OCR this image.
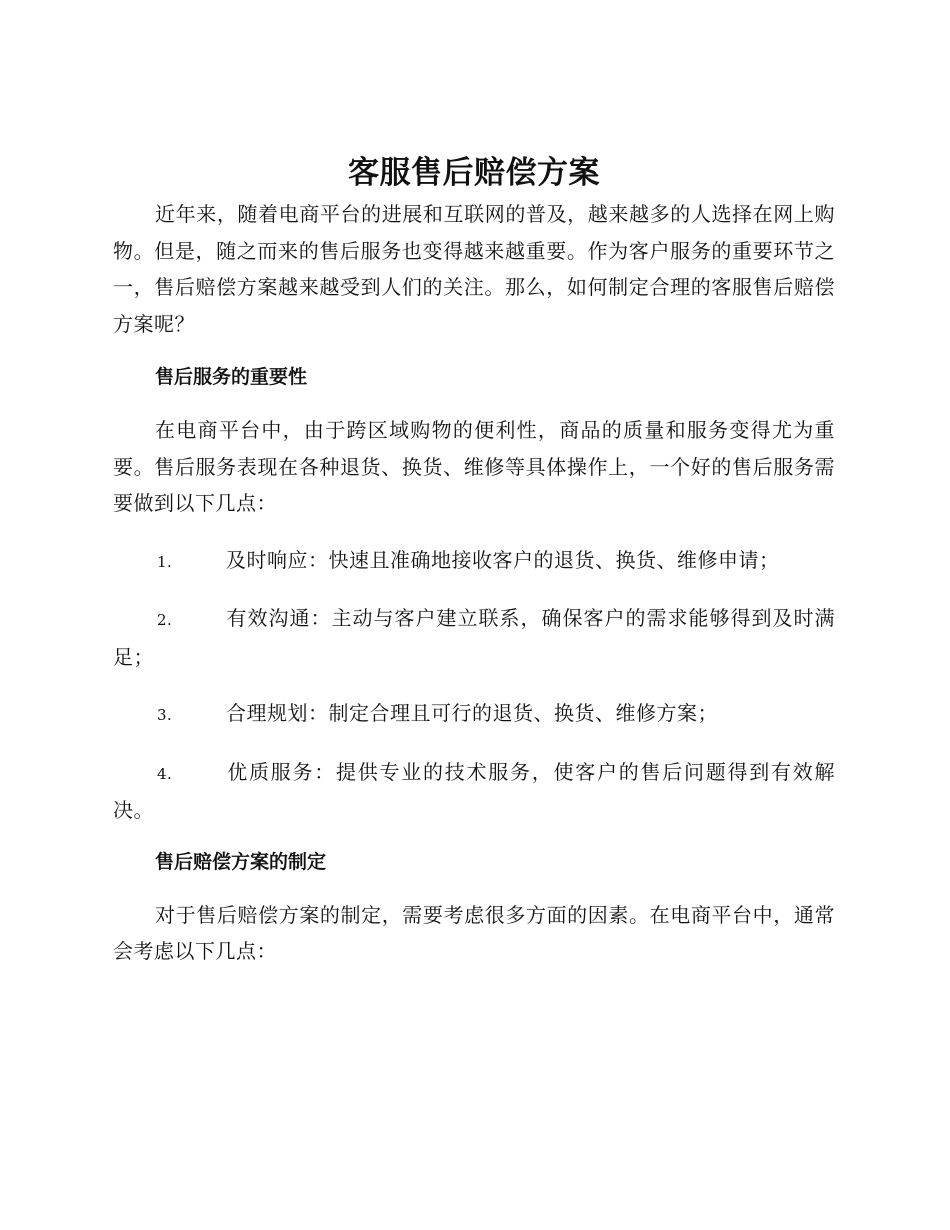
客服售后赔偿方案

近年来，随着电商平台的进展和互联网的普及，越来越多的人选择在网上购物。但是，随之而来的售后服务也变得越来越重要。作为客户服务的重要环节之一，售后赔偿方案越来越受到人们的关注。那么，如何制定合理的客服售后赔偿方案呢？

售后服务的重要性

在电商平台中，由于跨区域购物的便利性，商品的质量和服务变得尤为重要。售后服务表现在各种退货、换货、维修等具体操作上，一个好的售后服务需要做到以下几点：

1.	及时响应：快速且准确地接收客户的退货、换货、维修申请；

2.	有效沟通：主动与客户建立联系，确保客户的需求能够得到及时满足；

3.	合理规划：制定合理且可行的退货、换货、维修方案；

4.	优质服务：提供专业的技术服务，使客户的售后问题得到有效解决。

售后赔偿方案的制定

对于售后赔偿方案的制定，需要考虑很多方面的因素。在电商平台中，通常会考虑以下几点：
